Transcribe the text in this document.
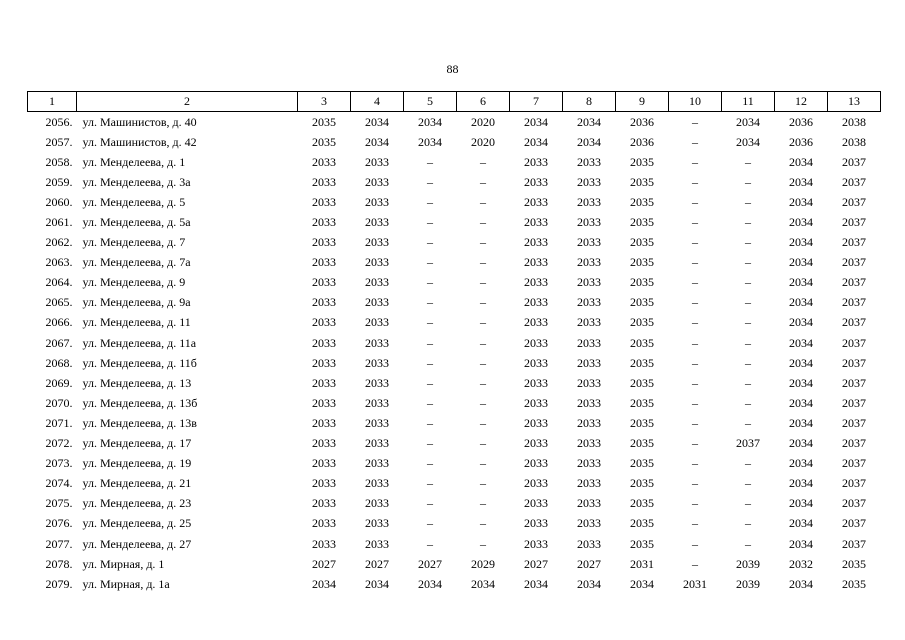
88
1	2	3	4	5	6	7	8	9	10	11	12	13
2056.	ул. Машинистов, д. 40	2035	2034	2034	2020	2034	2034	2036	–	2034	2036	2038
2057.	ул. Машинистов, д. 42	2035	2034	2034	2020	2034	2034	2036	–	2034	2036	2038
2058.	ул. Менделеева, д. 1	2033	2033	–	–	2033	2033	2035	–	–	2034	2037
2059.	ул. Менделеева, д. 3а	2033	2033	–	–	2033	2033	2035	–	–	2034	2037
2060.	ул. Менделеева, д. 5	2033	2033	–	–	2033	2033	2035	–	–	2034	2037
2061.	ул. Менделеева, д. 5а	2033	2033	–	–	2033	2033	2035	–	–	2034	2037
2062.	ул. Менделеева, д. 7	2033	2033	–	–	2033	2033	2035	–	–	2034	2037
2063.	ул. Менделеева, д. 7а	2033	2033	–	–	2033	2033	2035	–	–	2034	2037
2064.	ул. Менделеева, д. 9	2033	2033	–	–	2033	2033	2035	–	–	2034	2037
2065.	ул. Менделеева, д. 9а	2033	2033	–	–	2033	2033	2035	–	–	2034	2037
2066.	ул. Менделеева, д. 11	2033	2033	–	–	2033	2033	2035	–	–	2034	2037
2067.	ул. Менделеева, д. 11а	2033	2033	–	–	2033	2033	2035	–	–	2034	2037
2068.	ул. Менделеева, д. 11б	2033	2033	–	–	2033	2033	2035	–	–	2034	2037
2069.	ул. Менделеева, д. 13	2033	2033	–	–	2033	2033	2035	–	–	2034	2037
2070.	ул. Менделеева, д. 13б	2033	2033	–	–	2033	2033	2035	–	–	2034	2037
2071.	ул. Менделеева, д. 13в	2033	2033	–	–	2033	2033	2035	–	–	2034	2037
2072.	ул. Менделеева, д. 17	2033	2033	–	–	2033	2033	2035	–	2037	2034	2037
2073.	ул. Менделеева, д. 19	2033	2033	–	–	2033	2033	2035	–	–	2034	2037
2074.	ул. Менделеева, д. 21	2033	2033	–	–	2033	2033	2035	–	–	2034	2037
2075.	ул. Менделеева, д. 23	2033	2033	–	–	2033	2033	2035	–	–	2034	2037
2076.	ул. Менделеева, д. 25	2033	2033	–	–	2033	2033	2035	–	–	2034	2037
2077.	ул. Менделеева, д. 27	2033	2033	–	–	2033	2033	2035	–	–	2034	2037
2078.	ул. Мирная, д. 1	2027	2027	2027	2029	2027	2027	2031	–	2039	2032	2035
2079.	ул. Мирная, д. 1а	2034	2034	2034	2034	2034	2034	2034	2031	2039	2034	2035
